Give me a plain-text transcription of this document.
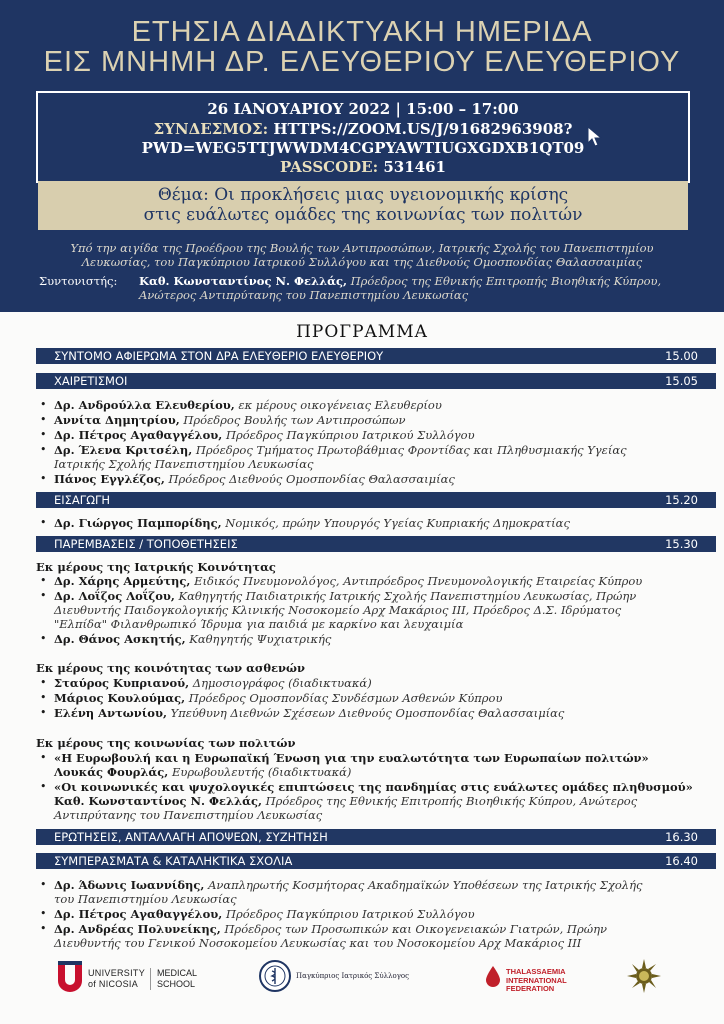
ΕΤΗΣΙΑ ΔΙΑΔΙΚΤΥΑΚΗ ΗΜΕΡΙΔΑ
ΕΙΣ ΜΝΗΜΗ ΔΡ. ΕΛΕΥΘΕΡΙΟΥ ΕΛΕΥΘΕΡΙΟΥ
26 ΙΑΝΟΥΑΡΙΟΥ 2022 | 15:00 – 17:00
ΣΥΝΔΕΣΜΟΣ: HTTPS://ZOOM.US/J/91682963908?
PWD=WEG5TTJWWDM4CGPYAWTIUGXGDXB1QT09
PASSCODE: 531461
Θέμα: Οι προκλήσεις μιας υγειονομικής κρίσης
στις ευάλωτες ομάδες της κοινωνίας των πολιτών
Υπό την αιγίδα της Προέδρου της Βουλής των Αντιπροσώπων, Ιατρικής Σχολής του Πανεπιστημίου
Λευκωσίας, του Παγκύπριου Ιατρικού Συλλόγου και της Διεθνούς Ομοσπονδίας Θαλασσαιμίας
Συντονιστής: Καθ. Κωνσταντίνος Ν. Φελλάς, Πρόεδρος της Εθνικής Επιτροπής Βιοηθικής Κύπρου,
Ανώτερος Αντιπρύτανης του Πανεπιστημίου Λευκωσίας
ΠΡΟΓΡΑΜΜΑ
ΣΥΝΤΟΜΟ ΑΦΙΕΡΩΜΑ ΣΤΟΝ ΔΡΑ ΕΛΕΥΘΕΡΙΟ ΕΛΕΥΘΕΡΙΟΥ	15.00
ΧΑΙΡΕΤΙΣΜΟΙ	15.05
• Δρ. Ανδρούλλα Ελευθερίου, εκ μέρους οικογένειας Ελευθερίου
• Αννίτα Δημητρίου, Πρόεδρος Βουλής των Αντιπροσώπων
• Δρ. Πέτρος Αγαθαγγέλου, Πρόεδρος Παγκύπριου Ιατρικού Συλλόγου
• Δρ. Έλενα Κριτσέλη, Πρόεδρος Τμήματος Πρωτοβάθμιας Φροντίδας και Πληθυσμιακής Υγείας
Ιατρικής Σχολής Πανεπιστημίου Λευκωσίας
• Πάνος Εγγλέζος, Πρόεδρος Διεθνούς Ομοσπονδίας Θαλασσαιμίας
ΕΙΣΑΓΩΓΗ	15.20
• Δρ. Γιώργος Παμπορίδης, Νομικός, πρώην Υπουργός Υγείας Κυπριακής Δημοκρατίας
ΠΑΡΕΜΒΑΣΕΙΣ / ΤΟΠΟΘΕΤΗΣΕΙΣ	15.30
Εκ μέρους της Ιατρικής Κοινότητας
• Δρ. Χάρης Αρμεύτης, Ειδικός Πνευμονολόγος, Αντιπρόεδρος Πνευμονολογικής Εταιρείας Κύπρου
• Δρ. Λοΐζος Λοΐζου, Καθηγητής Παιδιατρικής Ιατρικής Σχολής Πανεπιστημίου Λευκωσίας, Πρώην
Διευθυντής Παιδογκολογικής Κλινικής Νοσοκομείο Αρχ Μακάριος ΙΙΙ, Πρόεδρος Δ.Σ. Ιδρύματος
"Ελπίδα" Φιλανθρωπικό Ίδρυμα για παιδιά με καρκίνο και λευχαιμία
• Δρ. Θάνος Ασκητής, Καθηγητής Ψυχιατρικής
Εκ μέρους της κοινότητας των ασθενών
• Σταύρος Κυπριανού, Δημοσιογράφος (διαδικτυακά)
• Μάριος Κουλούμας, Πρόεδρος Ομοσπονδίας Συνδέσμων Ασθενών Κύπρου
• Ελένη Αντωνίου, Υπεύθυνη Διεθνών Σχέσεων Διεθνούς Ομοσπονδίας Θαλασσαιμίας
Εκ μέρους της κοινωνίας των πολιτών
• «Η Ευρωβουλή και η Ευρωπαϊκή Ένωση για την ευαλωτότητα των Ευρωπαίων πολιτών»
Λουκάς Φουρλάς, Ευρωβουλευτής (διαδικτυακά)
• «Οι κοινωνικές και ψυχολογικές επιπτώσεις της πανδημίας στις ευάλωτες ομάδες πληθυσμού»
Καθ. Κωνσταντίνος Ν. Φελλάς, Πρόεδρος της Εθνικής Επιτροπής Βιοηθικής Κύπρου, Ανώτερος
Αντιπρύτανης του Πανεπιστημίου Λευκωσίας
ΕΡΩΤΗΣΕΙΣ, ΑΝΤΑΛΛΑΓΗ ΑΠΟΨΕΩΝ, ΣΥΖΗΤΗΣΗ	16.30
ΣΥΜΠΕΡΑΣΜΑΤΑ & ΚΑΤΑΛΗΚΤΙΚΑ ΣΧΟΛΙΑ	16.40
• Δρ. Άδωνις Ιωαννίδης, Αναπληρωτής Κοσμήτορας Ακαδημαϊκών Υποθέσεων της Ιατρικής Σχολής
του Πανεπιστημίου Λευκωσίας
• Δρ. Πέτρος Αγαθαγγέλου, Πρόεδρος Παγκύπριου Ιατρικού Συλλόγου
• Δρ. Ανδρέας Πολυνείκης, Πρόεδρος των Προσωπικών και Οικογενειακών Γιατρών, Πρώην
Διευθυντής του Γενικού Νοσοκομείου Λευκωσίας και του Νοσοκομείου Αρχ Μακάριος ΙΙΙ
UNIVERSITY
of NICOSIA
MEDICAL
SCHOOL
Παγκύπριος Ιατρικός Σύλλογος	THALASSAEMIA
INTERNATIONAL
FEDERATION
